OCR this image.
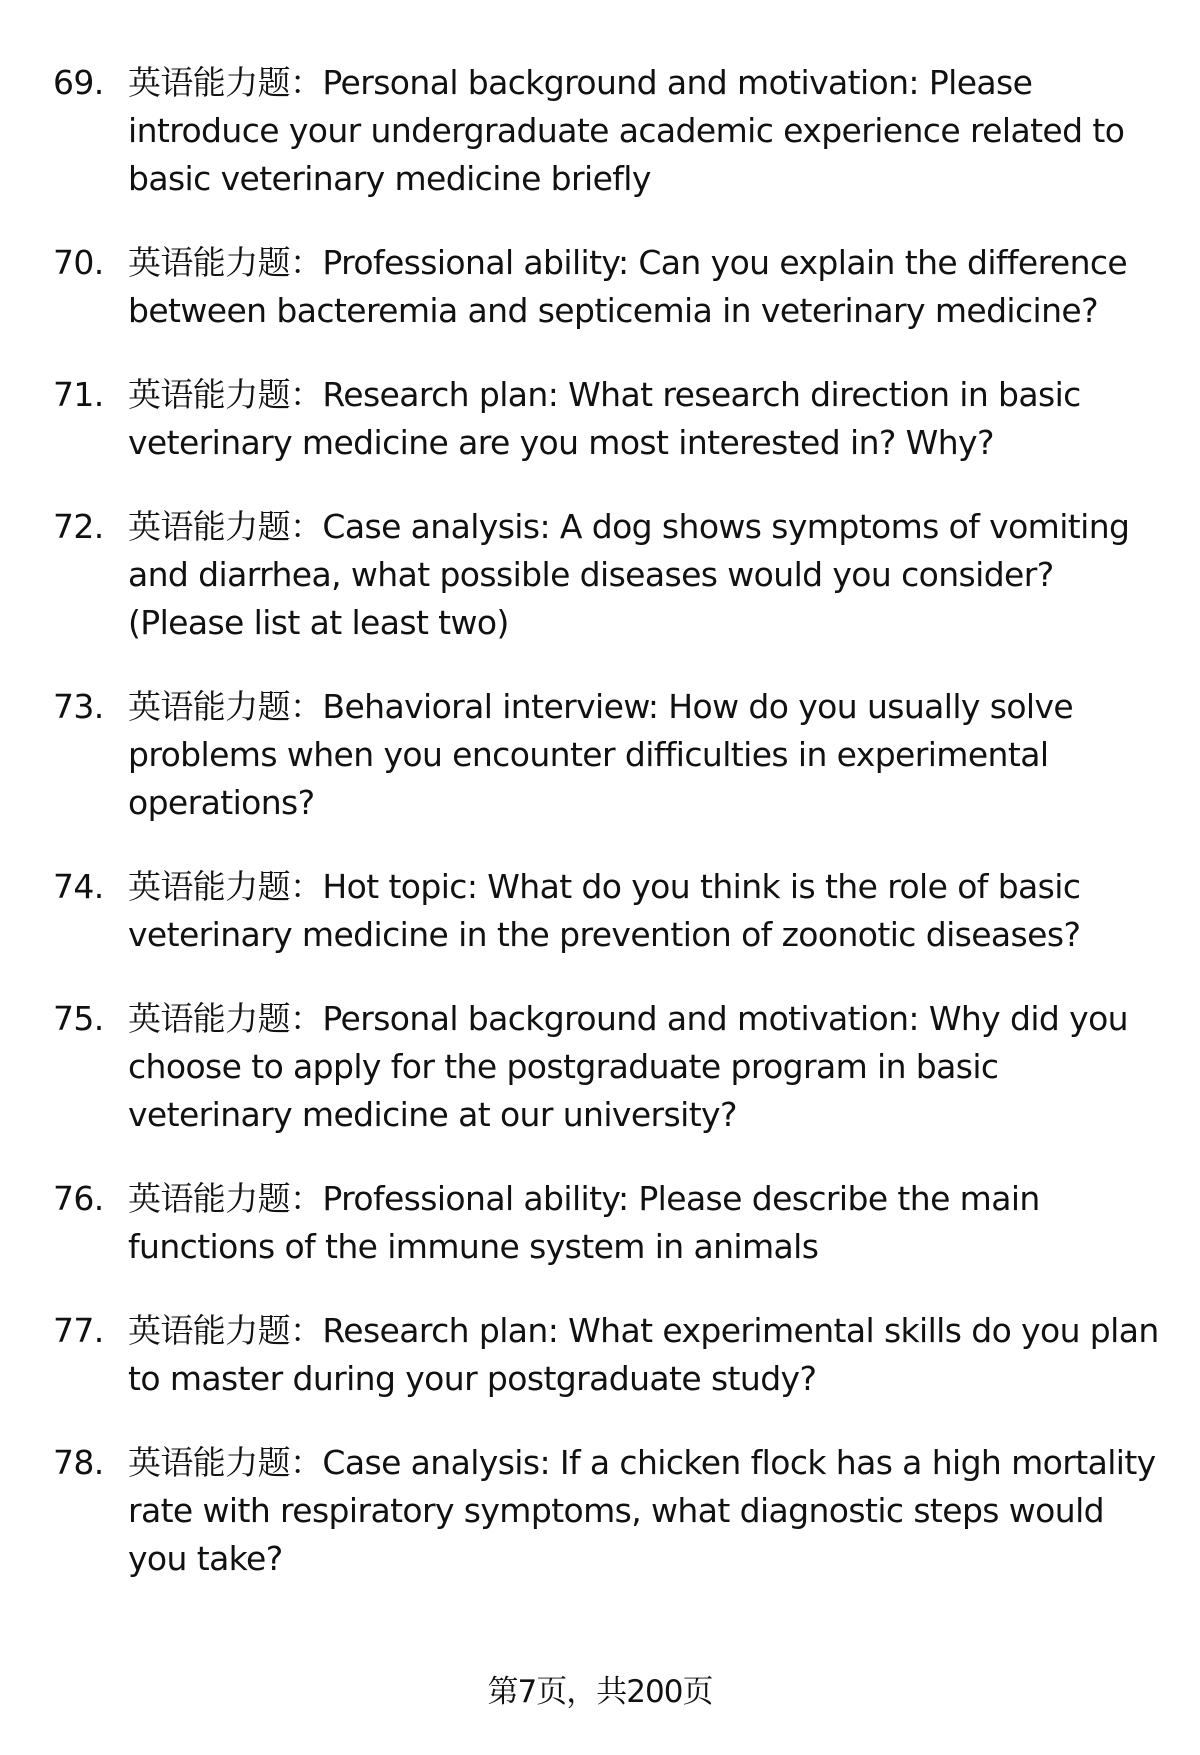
69. 英语能力题：Personal background and motivation: Please introduce your undergraduate academic experience related to basic veterinary medicine briefly
70. 英语能力题：Professional ability: Can you explain the difference between bacteremia and septicemia in veterinary medicine?
71. 英语能力题：Research plan: What research direction in basic veterinary medicine are you most interested in? Why?
72. 英语能力题：Case analysis: A dog shows symptoms of vomiting and diarrhea, what possible diseases would you consider? (Please list at least two)
73. 英语能力题：Behavioral interview: How do you usually solve problems when you encounter difficulties in experimental operations?
74. 英语能力题：Hot topic: What do you think is the role of basic veterinary medicine in the prevention of zoonotic diseases?
75. 英语能力题：Personal background and motivation: Why did you choose to apply for the postgraduate program in basic veterinary medicine at our university?
76. 英语能力题：Professional ability: Please describe the main functions of the immune system in animals
77. 英语能力题：Research plan: What experimental skills do you plan to master during your postgraduate study?
78. 英语能力题：Case analysis: If a chicken flock has a high mortality rate with respiratory symptoms, what diagnostic steps would you take?
第7页，共200页
